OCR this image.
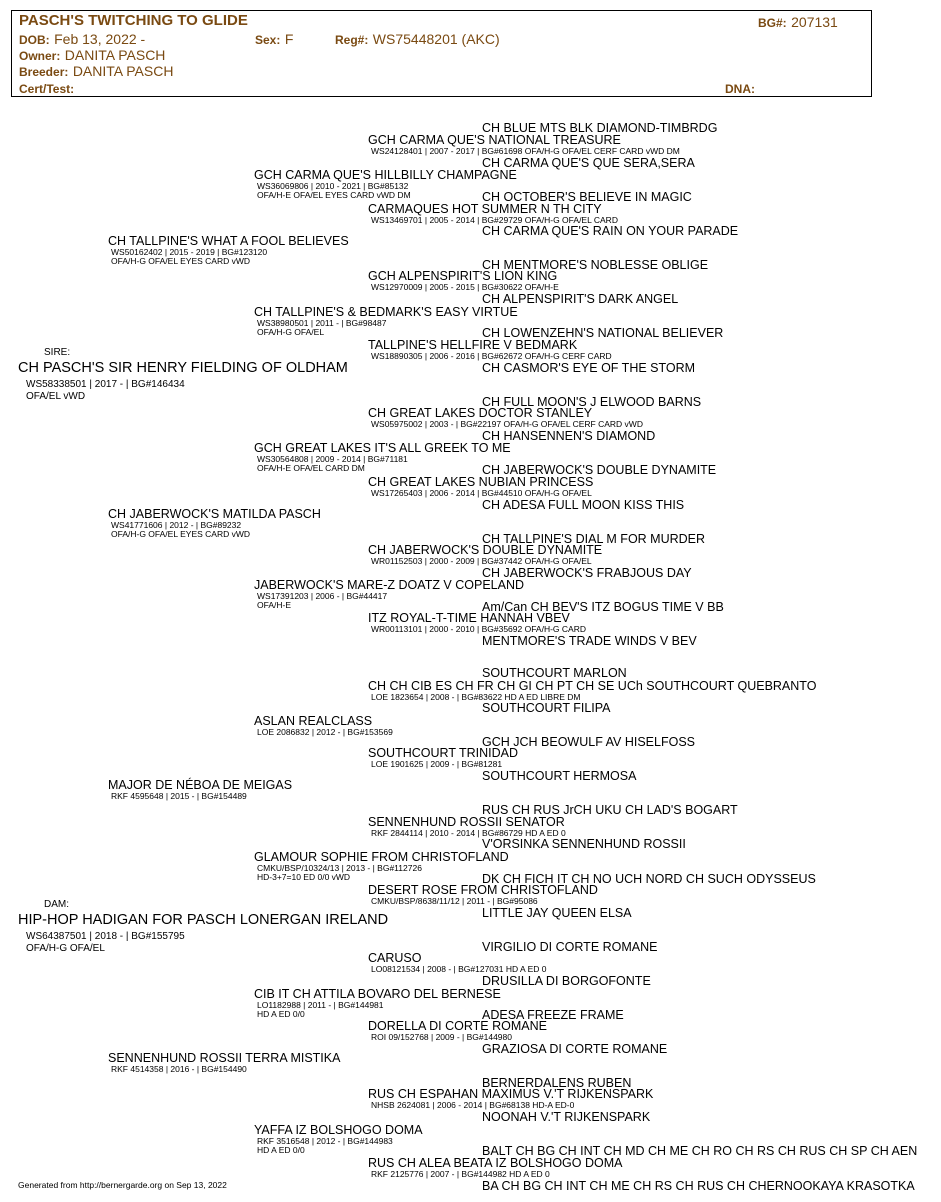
PASCH'S TWITCHING TO GLIDE	BG#: 207131
DOB: Feb 13, 2022 -	Sex: F	Reg#: WS75448201 (AKC)
Owner: DANITA PASCH
Breeder: DANITA PASCH
Cert/Test:	DNA:
SIRE:
CH PASCH'S SIR HENRY FIELDING OF OLDHAM
WS58338501 | 2017 - | BG#146434
OFA/EL vWD
DAM:
HIP-HOP HADIGAN FOR PASCH LONERGAN IRELAND
WS64387501 | 2018 - | BG#155795
OFA/H-G OFA/EL
CH TALLPINE'S WHAT A FOOL BELIEVES
WS50162402 | 2015 - 2019 | BG#123120
OFA/H-G OFA/EL EYES CARD vWD
CH JABERWOCK'S MATILDA PASCH
WS41771606 | 2012 - | BG#89232
OFA/H-G OFA/EL EYES CARD vWD
MAJOR DE NÉBOA DE MEIGAS
RKF 4595648 | 2015 - | BG#154489
SENNENHUND ROSSII TERRA MISTIKA
RKF 4514358 | 2016 - | BG#154490
GCH CARMA QUE'S HILLBILLY CHAMPAGNE
WS36069806 | 2010 - 2021 | BG#85132
OFA/H-E OFA/EL EYES CARD vWD DM
CH TALLPINE'S & BEDMARK'S EASY VIRTUE
WS38980501 | 2011 - | BG#98487
OFA/H-G OFA/EL
GCH GREAT LAKES IT'S ALL GREEK TO ME
WS30564808 | 2009 - 2014 | BG#71181
OFA/H-E OFA/EL CARD DM
JABERWOCK'S MARE-Z DOATZ V COPELAND
WS17391203 | 2006 - | BG#44417
OFA/H-E
ASLAN REALCLASS
LOE 2086832 | 2012 - | BG#153569
GLAMOUR SOPHIE FROM CHRISTOFLAND
CMKU/BSP/10324/13 | 2013 - | BG#112726
HD-3+7=10 ED 0/0 vWD
CIB IT CH ATTILA BOVARO DEL BERNESE
LO1182988 | 2011 - | BG#144981
HD A ED 0/0
YAFFA IZ BOLSHOGO DOMA
RKF 3516548 | 2012 - | BG#144983
HD A ED 0/0
GCH CARMA QUE'S NATIONAL TREASURE
WS24128401 | 2007 - 2017 | BG#61698 OFA/H-G OFA/EL CERF CARD vWD DM
CARMAQUES HOT SUMMER N TH CITY
WS13469701 | 2005 - 2014 | BG#29729 OFA/H-G OFA/EL CARD
GCH ALPENSPIRIT'S LION KING
WS12970009 | 2005 - 2015 | BG#30622 OFA/H-E
TALLPINE'S HELLFIRE V BEDMARK
WS18890305 | 2006 - 2016 | BG#62672 OFA/H-G CERF CARD
CH GREAT LAKES DOCTOR STANLEY
WS05975002 | 2003 - | BG#22197 OFA/H-G OFA/EL CERF CARD vWD
CH GREAT LAKES NUBIAN PRINCESS
WS17265403 | 2006 - 2014 | BG#44510 OFA/H-G OFA/EL
CH JABERWOCK'S DOUBLE DYNAMITE
WR01152503 | 2000 - 2009 | BG#37442 OFA/H-G OFA/EL
ITZ ROYAL-T-TIME HANNAH VBEV
WR00113101 | 2000 - 2010 | BG#35692 OFA/H-G CARD
CH CH CIB ES CH FR CH GI CH PT CH SE UCh SOUTHCOURT QUEBRANTO
LOE 1823654 | 2008 - | BG#83622 HD A ED LIBRE DM
SOUTHCOURT TRINIDAD
LOE 1901625 | 2009 - | BG#81281
SENNENHUND ROSSII SENATOR
RKF 2844114 | 2010 - 2014 | BG#86729 HD A ED 0
DESERT ROSE FROM CHRISTOFLAND
CMKU/BSP/8638/11/12 | 2011 - | BG#95086
CARUSO
LO08121534 | 2008 - | BG#127031 HD A ED 0
DORELLA DI CORTE ROMANE
ROI 09/152768 | 2009 - | BG#144980
RUS CH ESPAHAN MAXIMUS V.'T RIJKENSPARK
NHSB 2624081 | 2006 - 2014 | BG#68138 HD-A ED-0
RUS CH ALEA BEATA IZ BOLSHOGO DOMA
RKF 2125776 | 2007 - | BG#144982 HD A ED 0
CH BLUE MTS BLK DIAMOND-TIMBRDG
CH CARMA QUE'S QUE SERA,SERA
CH OCTOBER'S BELIEVE IN MAGIC
CH CARMA QUE'S RAIN ON YOUR PARADE
CH MENTMORE'S NOBLESSE OBLIGE
CH ALPENSPIRIT'S DARK ANGEL
CH LOWENZEHN'S NATIONAL BELIEVER
CH CASMOR'S EYE OF THE STORM
CH FULL MOON'S J ELWOOD BARNS
CH HANSENNEN'S DIAMOND
CH JABERWOCK'S DOUBLE DYNAMITE
CH ADESA FULL MOON KISS THIS
CH TALLPINE'S DIAL M FOR MURDER
CH JABERWOCK'S FRABJOUS DAY
Am/Can CH BEV'S ITZ BOGUS TIME V BB
MENTMORE'S TRADE WINDS V BEV
SOUTHCOURT MARLON
SOUTHCOURT FILIPA
GCH JCH BEOWULF AV HISELFOSS
SOUTHCOURT HERMOSA
RUS CH RUS JrCH UKU CH LAD'S BOGART
V'ORSINKA SENNENHUND ROSSII
DK CH FICH IT CH NO UCH NORD CH SUCH ODYSSEUS
LITTLE JAY QUEEN ELSA
VIRGILIO DI CORTE ROMANE
DRUSILLA DI BORGOFONTE
ADESA FREEZE FRAME
GRAZIOSA DI CORTE ROMANE
BERNERDALENS RUBEN
NOONAH V.'T RIJKENSPARK
BALT CH BG CH INT CH MD CH ME CH RO CH RS CH RUS CH SP CH AEN
BA CH BG CH INT CH ME CH RS CH RUS CH CHERNOOKAYA KRASOTKA
Generated from http://bernergarde.org on Sep 13, 2022
